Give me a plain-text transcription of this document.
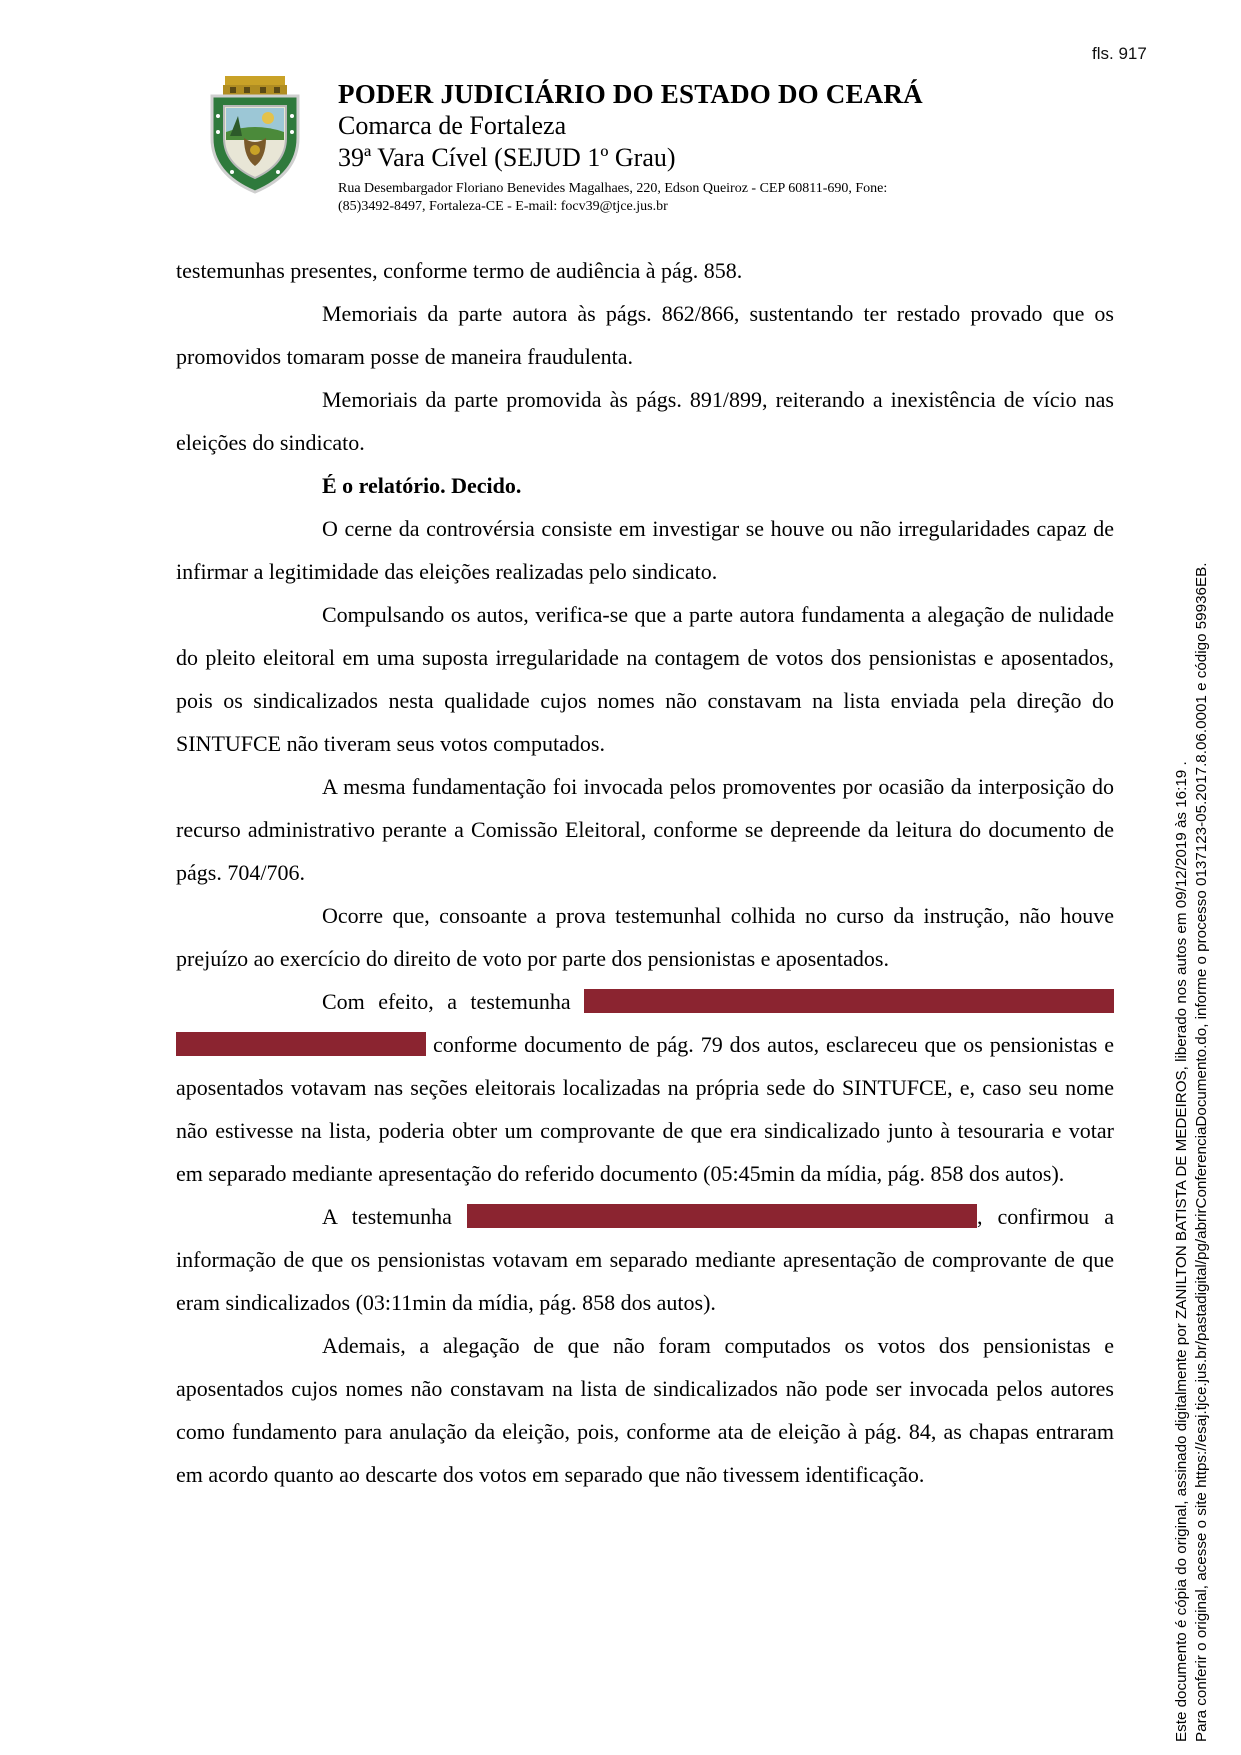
fls. 917
PODER JUDICIÁRIO DO ESTADO DO CEARÁ
Comarca de Fortaleza
39ª Vara Cível (SEJUD 1º Grau)
Rua Desembargador Floriano Benevides Magalhaes, 220, Edson Queiroz - CEP 60811-690, Fone:
(85)3492-8497, Fortaleza-CE - E-mail: focv39@tjce.jus.br

testemunhas presentes, conforme termo de audiência à pág. 858.

Memoriais da parte autora às págs. 862/866, sustentando ter restado provado que os promovidos tomaram posse de maneira fraudulenta.

Memoriais da parte promovida às págs. 891/899, reiterando a inexistência de vício nas eleições do sindicato.

É o relatório. Decido.

O cerne da controvérsia consiste em investigar se houve ou não irregularidades capaz de infirmar a legitimidade das eleições realizadas pelo sindicato.

Compulsando os autos, verifica-se que a parte autora fundamenta a alegação de nulidade do pleito eleitoral em uma suposta irregularidade na contagem de votos dos pensionistas e aposentados, pois os sindicalizados nesta qualidade cujos nomes não constavam na lista enviada pela direção do SINTUFCE não tiveram seus votos computados.

A mesma fundamentação foi invocada pelos promoventes por ocasião da interposição do recurso administrativo perante a Comissão Eleitoral, conforme se depreende da leitura do documento de págs. 704/706.

Ocorre que, consoante a prova testemunhal colhida no curso da instrução, não houve prejuízo ao exercício do direito de voto por parte dos pensionistas e aposentados.

Com efeito, a testemunha   conforme documento de pág. 79 dos autos, esclareceu que os pensionistas e aposentados votavam nas seções eleitorais localizadas na própria sede do SINTUFCE, e, caso seu nome não estivesse na lista, poderia obter um comprovante de que era sindicalizado junto à tesouraria e votar em separado mediante apresentação do referido documento (05:45min da mídia, pág. 858 dos autos).

A testemunha	, confirmou a informação de que os pensionistas votavam em separado mediante apresentação de comprovante de que eram sindicalizados (03:11min da mídia, pág. 858 dos autos).

Ademais, a alegação de que não foram computados os votos dos pensionistas e aposentados cujos nomes não constavam na lista de sindicalizados não pode ser invocada pelos autores como fundamento para anulação da eleição, pois, conforme ata de eleição à pág. 84, as chapas entraram em acordo quanto ao descarte dos votos em separado que não tivessem identificação.	Este documento é cópia do original, assinado digitalmente por ZANILTON BATISTA DE MEDEIROS, liberado nos autos em 09/12/2019 às 16:19 . Para conferir o original, acesse o site https://esaj.tjce.jus.br/pastadigital/pg/abrirConferenciaDocumento.do, informe o processo 0137123-05.2017.8.06.0001 e código 59936EB.
